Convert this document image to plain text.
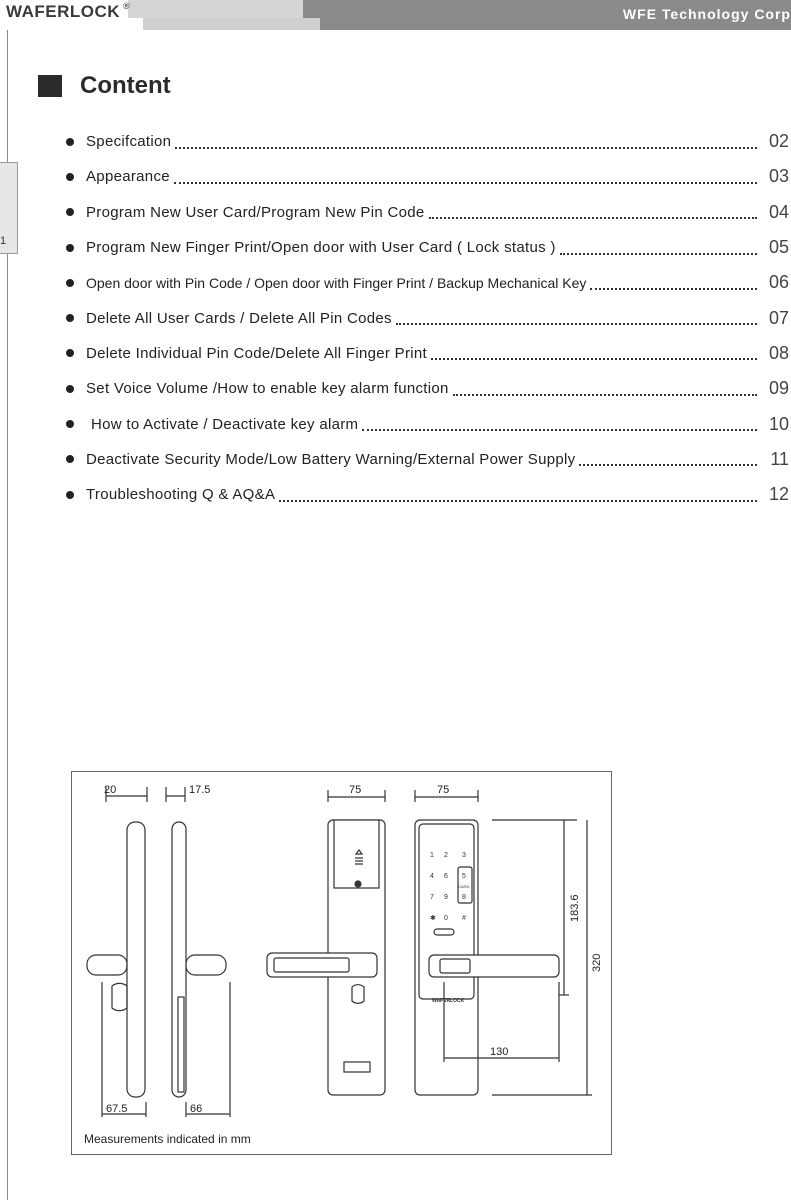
WAFERLOCK ®	WFE Technology Corp
1
Content
Specifcation	02
Appearance	03
Program New User Card/Program New Pin Code	04
Program New Finger Print/Open door with User Card ( Lock status )	05
Open door with Pin Code / Open door with Finger Print / Backup Mechanical Key	06
Delete All User Cards / Delete All Pin Codes	07
Delete Individual Pin Code/Delete All Finger Print	08
Set Voice Volume /How to enable key alarm function	09
How to Activate / Deactivate key alarm	10
Deactivate Security Mode/Low Battery Warning/External Power Supply	11
Troubleshooting Q & AQ&A	12
20	17.5
67.5	66
75
1 2 3
4	5
6
7	8
9
✱ 0 #
CARD
WAFERLOCK
75
183.6
320
130
Measurements indicated in mm
